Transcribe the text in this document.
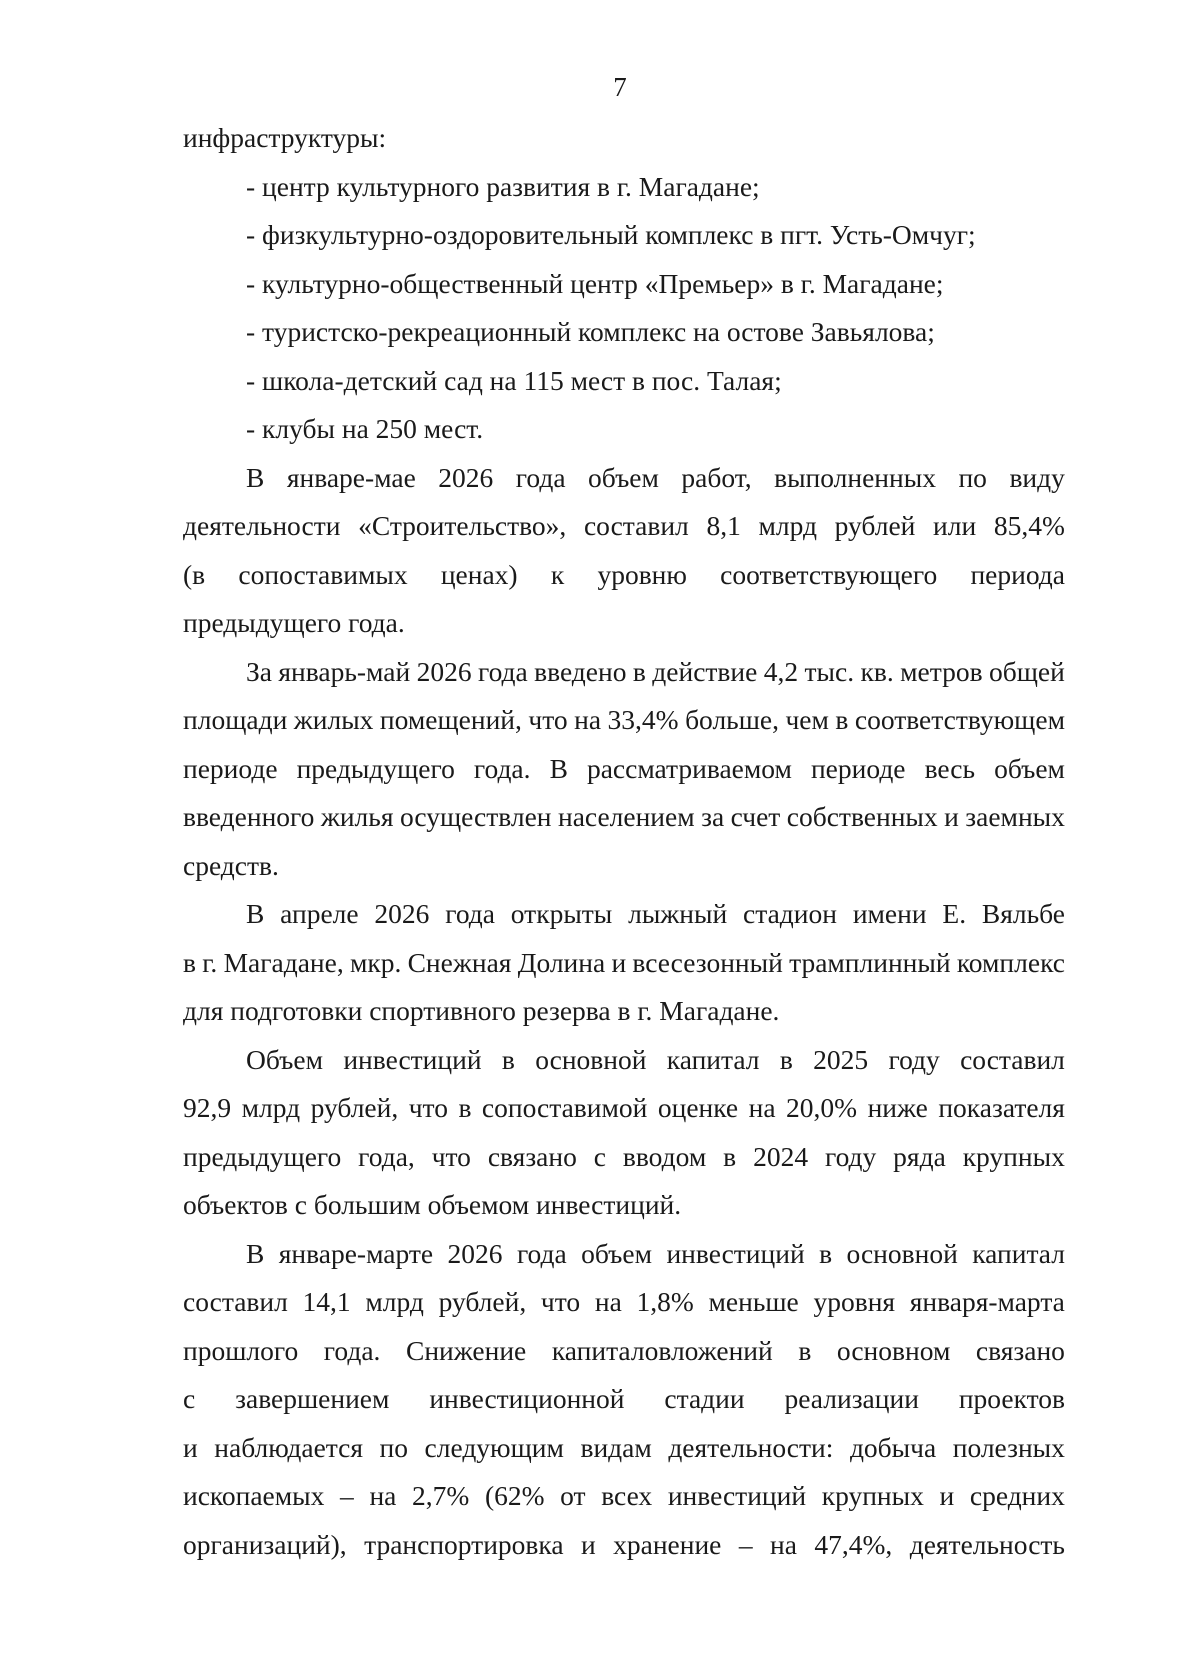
7
инфраструктуры:
- центр культурного развития в г. Магадане;
- физкультурно-оздоровительный комплекс в пгт. Усть-Омчуг;
- культурно-общественный центр «Премьер» в г. Магадане;
- туристско-рекреационный комплекс на остове Завьялова;
- школа-детский сад на 115 мест в пос. Талая;
- клубы на 250 мест.
В январе-мае 2026 года объем работ, выполненных по виду
деятельности «Строительство», составил 8,1 млрд рублей или 85,4%
(в сопоставимых ценах) к уровню соответствующего периода
предыдущего года.
За январь-май 2026 года введено в действие 4,2 тыс. кв. метров общей
площади жилых помещений, что на 33,4% больше, чем в соответствующем
периоде предыдущего года. В рассматриваемом периоде весь объем
введенного жилья осуществлен населением за счет собственных и заемных
средств.
В апреле 2026 года открыты лыжный стадион имени Е. Вяльбе
в г. Магадане, мкр. Снежная Долина и всесезонный трамплинный комплекс
для подготовки спортивного резерва в г. Магадане.
Объем инвестиций в основной капитал в 2025 году составил
92,9 млрд рублей, что в сопоставимой оценке на 20,0% ниже показателя
предыдущего года, что связано с вводом в 2024 году ряда крупных
объектов с большим объемом инвестиций.
В январе-марте 2026 года объем инвестиций в основной капитал
составил 14,1 млрд рублей, что на 1,8% меньше уровня января-марта
прошлого года. Снижение капиталовложений в основном связано
с завершением инвестиционной стадии реализации проектов
и наблюдается по следующим видам деятельности: добыча полезных
ископаемых – на 2,7% (62% от всех инвестиций крупных и средних
организаций), транспортировка и хранение – на 47,4%, деятельность
